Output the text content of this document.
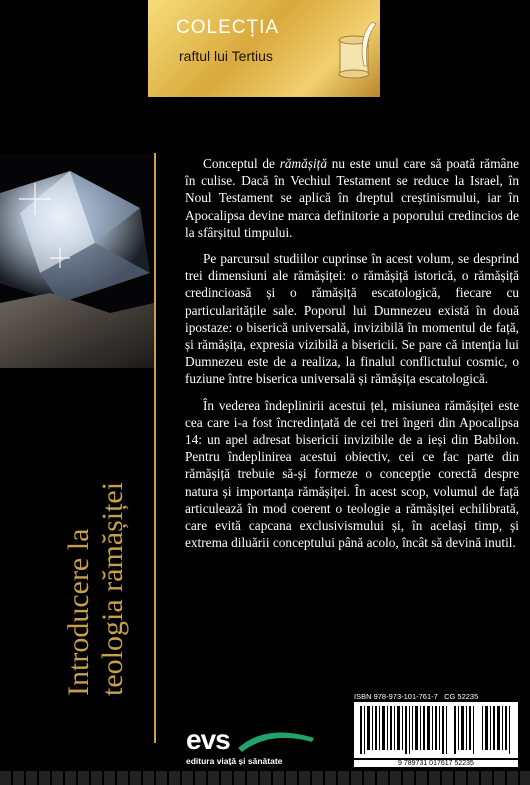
COLECȚIA
raftul lui Tertius
Introducere la teologia rămășiței

Conceptul de rămășiță nu este unul care să poată rămâne în culise. Dacă în Vechiul Testament se reduce la Israel, în Noul Testament se aplică în dreptul creștinismului, iar în Apocalipsa devine marca definitorie a poporului credincios de la sfârșitul timpului.

Pe parcursul studiilor cuprinse în acest volum, se desprind trei dimensiuni ale rămășiței: o rămășiță istorică, o rămășiță credincioasă și o rămășiță escatologică, fiecare cu particularitățile sale. Poporul lui Dumnezeu există în două ipostaze: o biserică universală, invizibilă în momentul de față, și rămășița, expresia vizibilă a bisericii. Se pare că intenția lui Dumnezeu este de a realiza, la finalul conflictului cosmic, o fuziune între biserica universală și rămășița escatologică.

În vederea îndeplinirii acestui țel, misiunea rămășiței este cea care i-a fost încredințată de cei trei îngeri din Apocalipsa 14: un apel adresat bisericii invizibile de a ieși din Babilon. Pentru îndeplinirea acestui obiectiv, cei ce fac parte din rămășiță trebuie să-și formeze o concepție corectă despre natura și importanța rămășiței. În acest scop, volumul de față articulează în mod coerent o teologie a rămășiței echilibrată, care evită capcana exclusivismului și, în același timp, și extrema diluării conceptului până acolo, încât să devină inutil.

evs
editura viață și sănătate
ISBN 978-973-101-761-7 CG 52235
9 789731 017617 52235
